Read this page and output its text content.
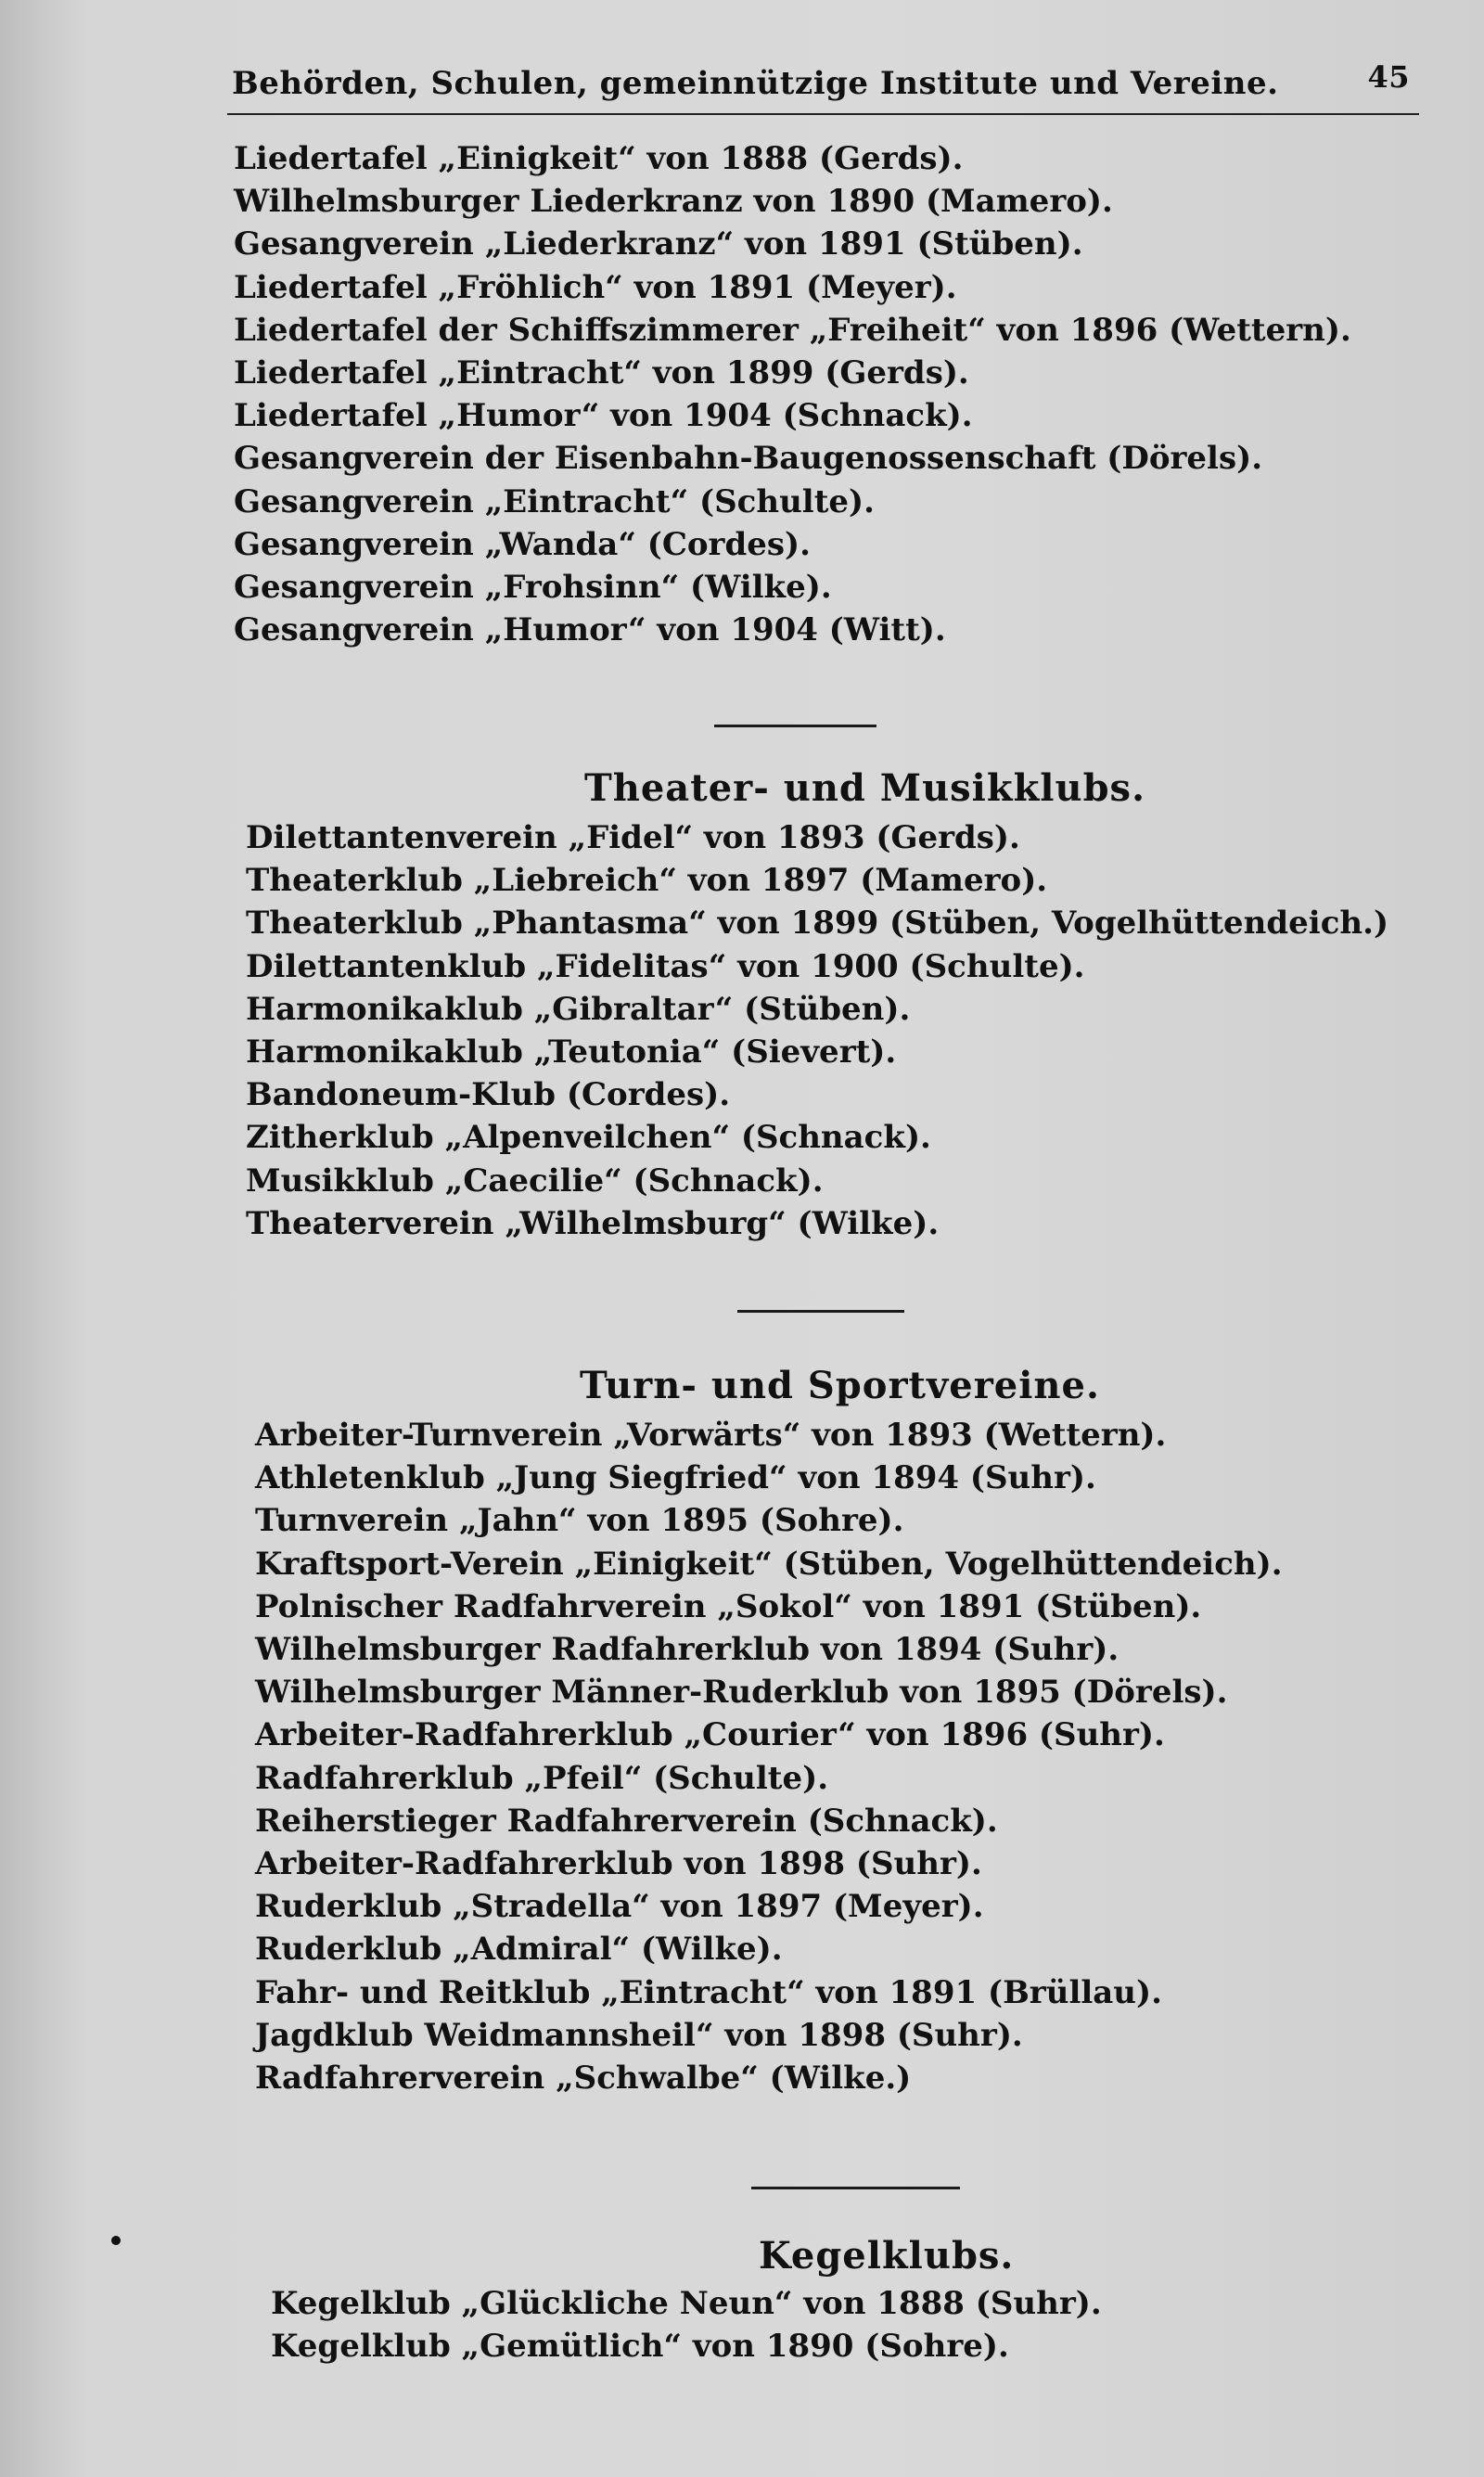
Behörden, Schulen, gemeinnützige Institute und Vereine.	45
Liedertafel „Einigkeit“ von 1888 (Gerds).
Wilhelmsburger Liederkranz von 1890 (Mamero).
Gesangverein „Liederkranz“ von 1891 (Stüben).
Liedertafel „Fröhlich“ von 1891 (Meyer).
Liedertafel der Schiffszimmerer „Freiheit“ von 1896 (Wettern).
Liedertafel „Eintracht“ von 1899 (Gerds).
Liedertafel „Humor“ von 1904 (Schnack).
Gesangverein der Eisenbahn-Baugenossenschaft (Dörels).
Gesangverein „Eintracht“ (Schulte).
Gesangverein „Wanda“ (Cordes).
Gesangverein „Frohsinn“ (Wilke).
Gesangverein „Humor“ von 1904 (Witt).
Theater- und Musikklubs.
Dilettantenverein „Fidel“ von 1893 (Gerds).
Theaterklub „Liebreich“ von 1897 (Mamero).
Theaterklub „Phantasma“ von 1899 (Stüben, Vogelhüttendeich.)
Dilettantenklub „Fidelitas“ von 1900 (Schulte).
Harmonikaklub „Gibraltar“ (Stüben).
Harmonikaklub „Teutonia“ (Sievert).
Bandoneum-Klub (Cordes).
Zitherklub „Alpenveilchen“ (Schnack).
Musikklub „Caecilie“ (Schnack).
Theaterverein „Wilhelmsburg“ (Wilke).
Turn- und Sportvereine.
Arbeiter-Turnverein „Vorwärts“ von 1893 (Wettern).
Athletenklub „Jung Siegfried“ von 1894 (Suhr).
Turnverein „Jahn“ von 1895 (Sohre).
Kraftsport-Verein „Einigkeit“ (Stüben, Vogelhüttendeich).
Polnischer Radfahrverein „Sokol“ von 1891 (Stüben).
Wilhelmsburger Radfahrerklub von 1894 (Suhr).
Wilhelmsburger Männer-Ruderklub von 1895 (Dörels).
Arbeiter-Radfahrerklub „Courier“ von 1896 (Suhr).
Radfahrerklub „Pfeil“ (Schulte).
Reiherstieger Radfahrerverein (Schnack).
Arbeiter-Radfahrerklub von 1898 (Suhr).
Ruderklub „Stradella“ von 1897 (Meyer).
Ruderklub „Admiral“ (Wilke).
Fahr- und Reitklub „Eintracht“ von 1891 (Brüllau).
Jagdklub Weidmannsheil“ von 1898 (Suhr).
Radfahrerverein „Schwalbe“ (Wilke.)
Kegelklubs.
Kegelklub „Glückliche Neun“ von 1888 (Suhr).
Kegelklub „Gemütlich“ von 1890 (Sohre).
